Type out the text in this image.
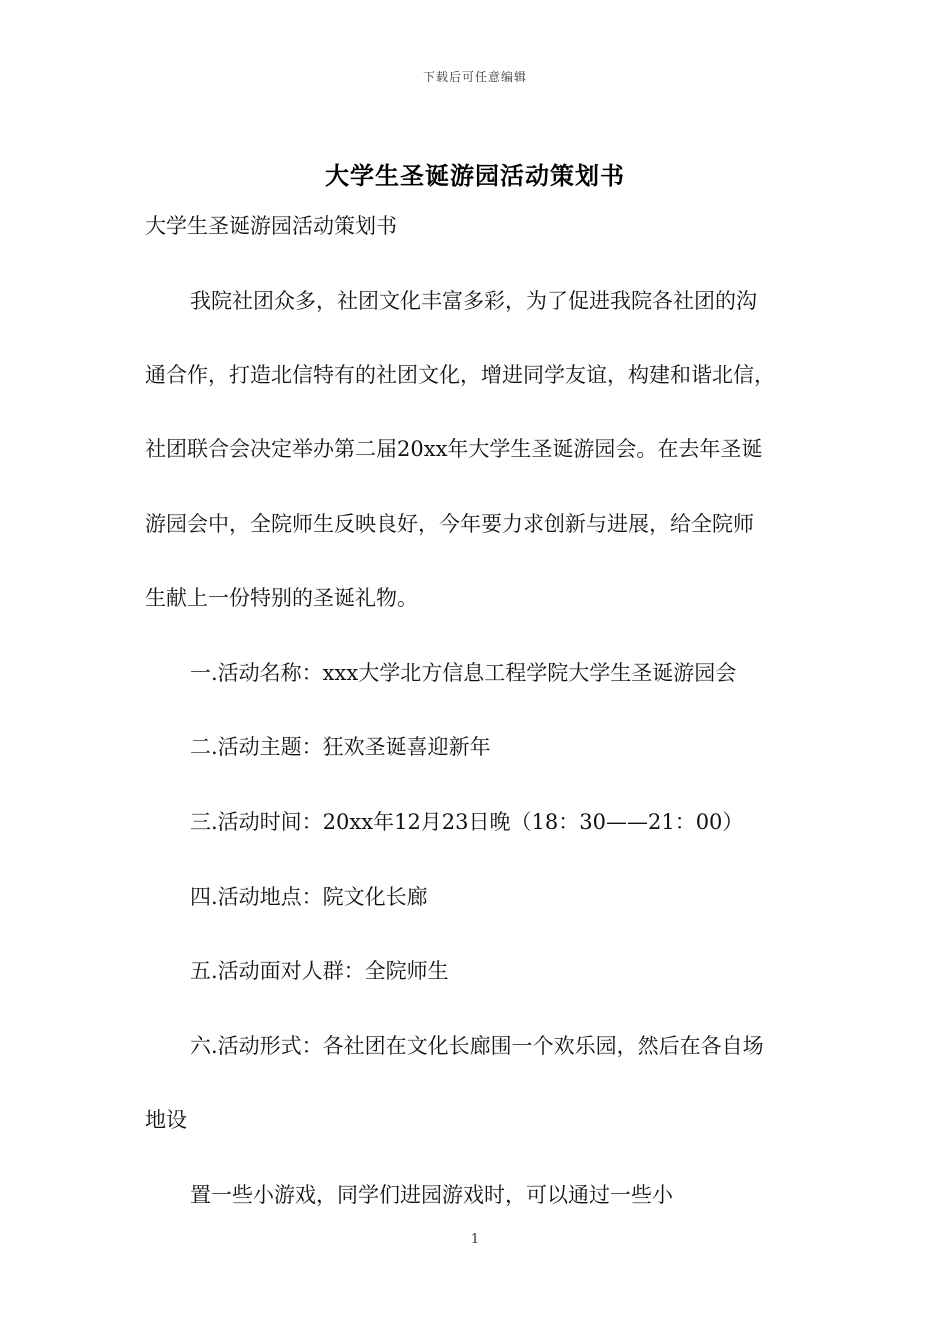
下载后可任意编辑
大学生圣诞游园活动策划书
大学生圣诞游园活动策划书
我院社团众多，社团文化丰富多彩，为了促进我院各社团的沟
通合作，打造北信特有的社团文化，增进同学友谊，构建和谐北信，
社团联合会决定举办第二届20xx年大学生圣诞游园会。在去年圣诞
游园会中，全院师生反映良好，今年要力求创新与进展，给全院师
生献上一份特别的圣诞礼物。
一.活动名称：xxx大学北方信息工程学院大学生圣诞游园会
二.活动主题：狂欢圣诞喜迎新年
三.活动时间：20xx年12月23日晚（18：30——21：00）
四.活动地点：院文化长廊
五.活动面对人群：全院师生
六.活动形式：各社团在文化长廊围一个欢乐园，然后在各自场
地设
置一些小游戏，同学们进园游戏时，可以通过一些小
1
